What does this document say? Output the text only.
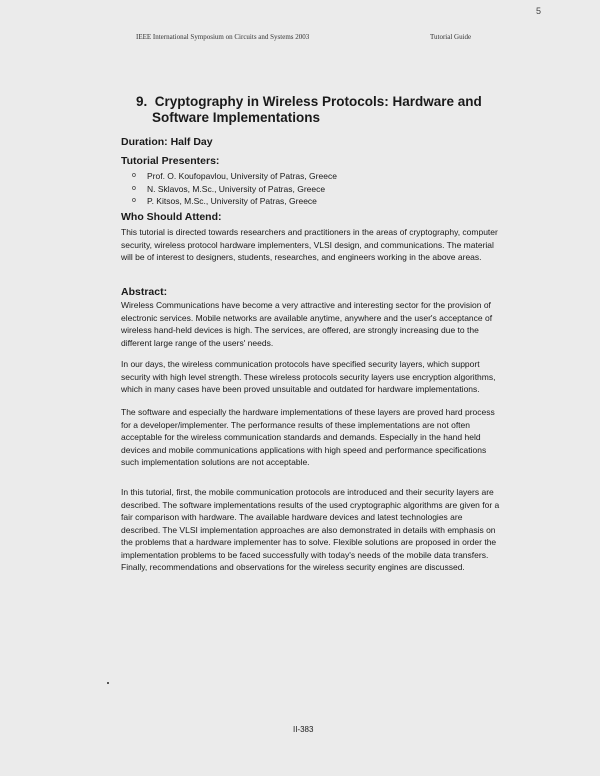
5
IEEE International Symposium on Circuits and Systems 2003	Tutorial Guide
9. Cryptography in Wireless Protocols: Hardware and
Software Implementations
Duration: Half Day
Tutorial Presenters:
o	Prof. O. Koufopavlou, University of Patras, Greece
o	N. Sklavos, M.Sc., University of Patras, Greece
o	P. Kitsos, M.Sc., University of Patras, Greece
Who Should Attend:

This tutorial is directed towards researchers and practitioners in the areas of cryptography, computer security, wireless protocol hardware implementers, VLSI design, and communications. The material will be of interest to designers, students, researches, and engineers working in the above areas.

Abstract:

Wireless Communications have become a very attractive and interesting sector for the provision of electronic services. Mobile networks are available anytime, anywhere and the user's acceptance of wireless hand-held devices is high. The services, are offered, are strongly increasing due to the different large range of the users' needs.

In our days, the wireless communication protocols have specified security layers, which support security with high level strength. These wireless protocols security layers use encryption algorithms, which in many cases have been proved unsuitable and outdated for hardware implementations.

The software and especially the hardware implementations of these layers are proved hard process for a developer/implementer. The performance results of these implementations are not often acceptable for the wireless communication standards and demands. Especially in the hand held devices and mobile communications applications with high speed and performance specifications such implementation solutions are not acceptable.

In this tutorial, first, the mobile communication protocols are introduced and their security layers are described. The software implementations results of the used cryptographic algorithms are given for a fair comparison with hardware. The available hardware devices and latest technologies are described. The VLSI implementation approaches are also demonstrated in details with emphasis on the problems that a hardware implementer has to solve. Flexible solutions are proposed in order the implementation problems to be faced successfully with today's needs of the mobile data transfers. Finally, recommendations and observations for the wireless security engines are discussed.

II-383
